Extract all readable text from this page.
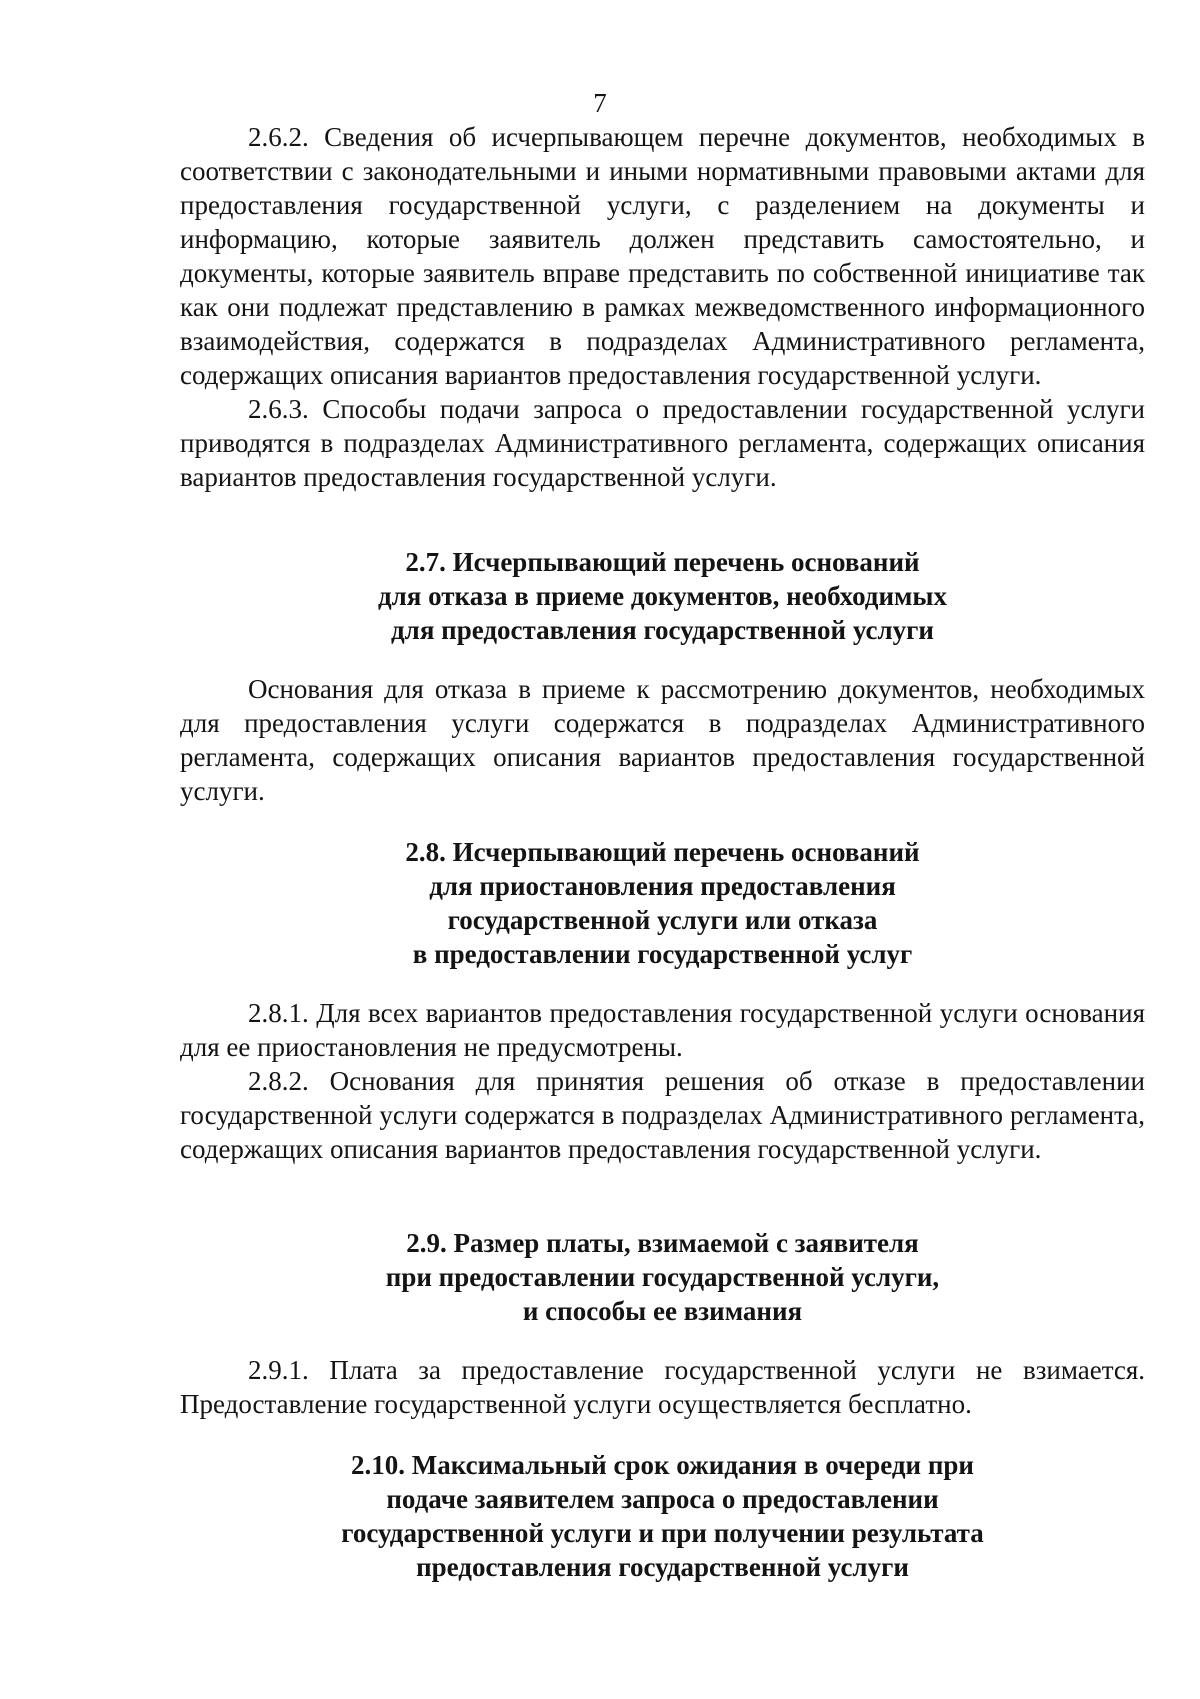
7

2.6.2. Сведения об исчерпывающем перечне документов, необходимых в соответствии с законодательными и иными нормативными правовыми актами для предоставления государственной услуги, с разделением на документы и информацию, которые заявитель должен представить самостоятельно, и документы, которые заявитель вправе представить по собственной инициативе так как они подлежат представлению в рамках межведомственного информационного взаимодействия, содержатся в подразделах Административного регламента, содержащих описания вариантов предоставления государственной услуги.

2.6.3. Способы подачи запроса о предоставлении государственной услуги приводятся в подразделах Административного регламента, содержащих описания вариантов предоставления государственной услуги.

2.7. Исчерпывающий перечень оснований
для отказа в приеме документов, необходимых
для предоставления государственной услуги

Основания для отказа в приеме к рассмотрению документов, необходимых для предоставления услуги содержатся в подразделах Административного регламента, содержащих описания вариантов предоставления государственной услуги.

2.8. Исчерпывающий перечень оснований
для приостановления предоставления
государственной услуги или отказа
в предоставлении государственной услуг

2.8.1. Для всех вариантов предоставления государственной услуги основания для ее приостановления не предусмотрены.

2.8.2. Основания для принятия решения об отказе в предоставлении государственной услуги содержатся в подразделах Административного регламента, содержащих описания вариантов предоставления государственной услуги.

2.9. Размер платы, взимаемой с заявителя
при предоставлении государственной услуги,
и способы ее взимания

2.9.1. Плата за предоставление государственной услуги не взимается. Предоставление государственной услуги осуществляется бесплатно.

2.10. Максимальный срок ожидания в очереди при
подаче заявителем запроса о предоставлении
государственной услуги и при получении результата
предоставления государственной услуги
